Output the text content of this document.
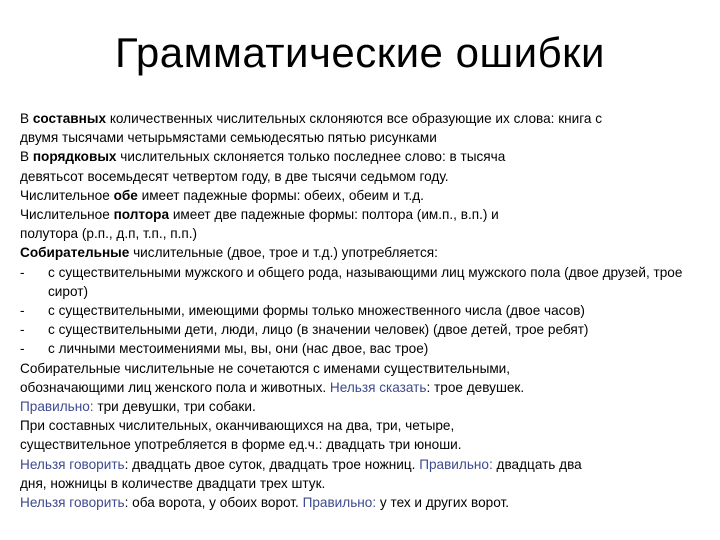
Грамматические ошибки

В составных количественных числительных склоняются все образующие их слова: книга с

двумя тысячами четырьмястами семьюдесятью пятью рисунками

В порядковых числительных склоняется только последнее слово: в тысяча

девятьсот восемьдесят четвертом году, в две тысячи седьмом году.

Числительное обе имеет падежные формы: обеих, обеим и т.д.

Числительное полтора имеет две падежные формы: полтора (им.п., в.п.) и

полутора (р.п., д.п, т.п., п.п.)

Собирательные числительные (двое, трое и т.д.) употребляется:

-	с существительными мужского и общего рода, называющими лиц мужского пола (двое друзей, трое сирот)
-	с существительными, имеющими формы только множественного числа (двое часов)
-	с существительными дети, люди, лицо (в значении человек) (двое детей, трое ребят)
-	с личными местоимениями мы, вы, они (нас двое, вас трое)

Собирательные числительные не сочетаются с именами существительными,

обозначающими лиц женского пола и животных. Нельзя сказать: трое девушек.

Правильно: три девушки, три собаки.

При составных числительных, оканчивающихся на два, три, четыре,

существительное употребляется в форме ед.ч.: двадцать три юноши.

Нельзя говорить: двадцать двое суток, двадцать трое ножниц. Правильно: двадцать два

дня, ножницы в количестве двадцати трех штук.

Нельзя говорить: оба ворота, у обоих ворот. Правильно: у тех и других ворот.
